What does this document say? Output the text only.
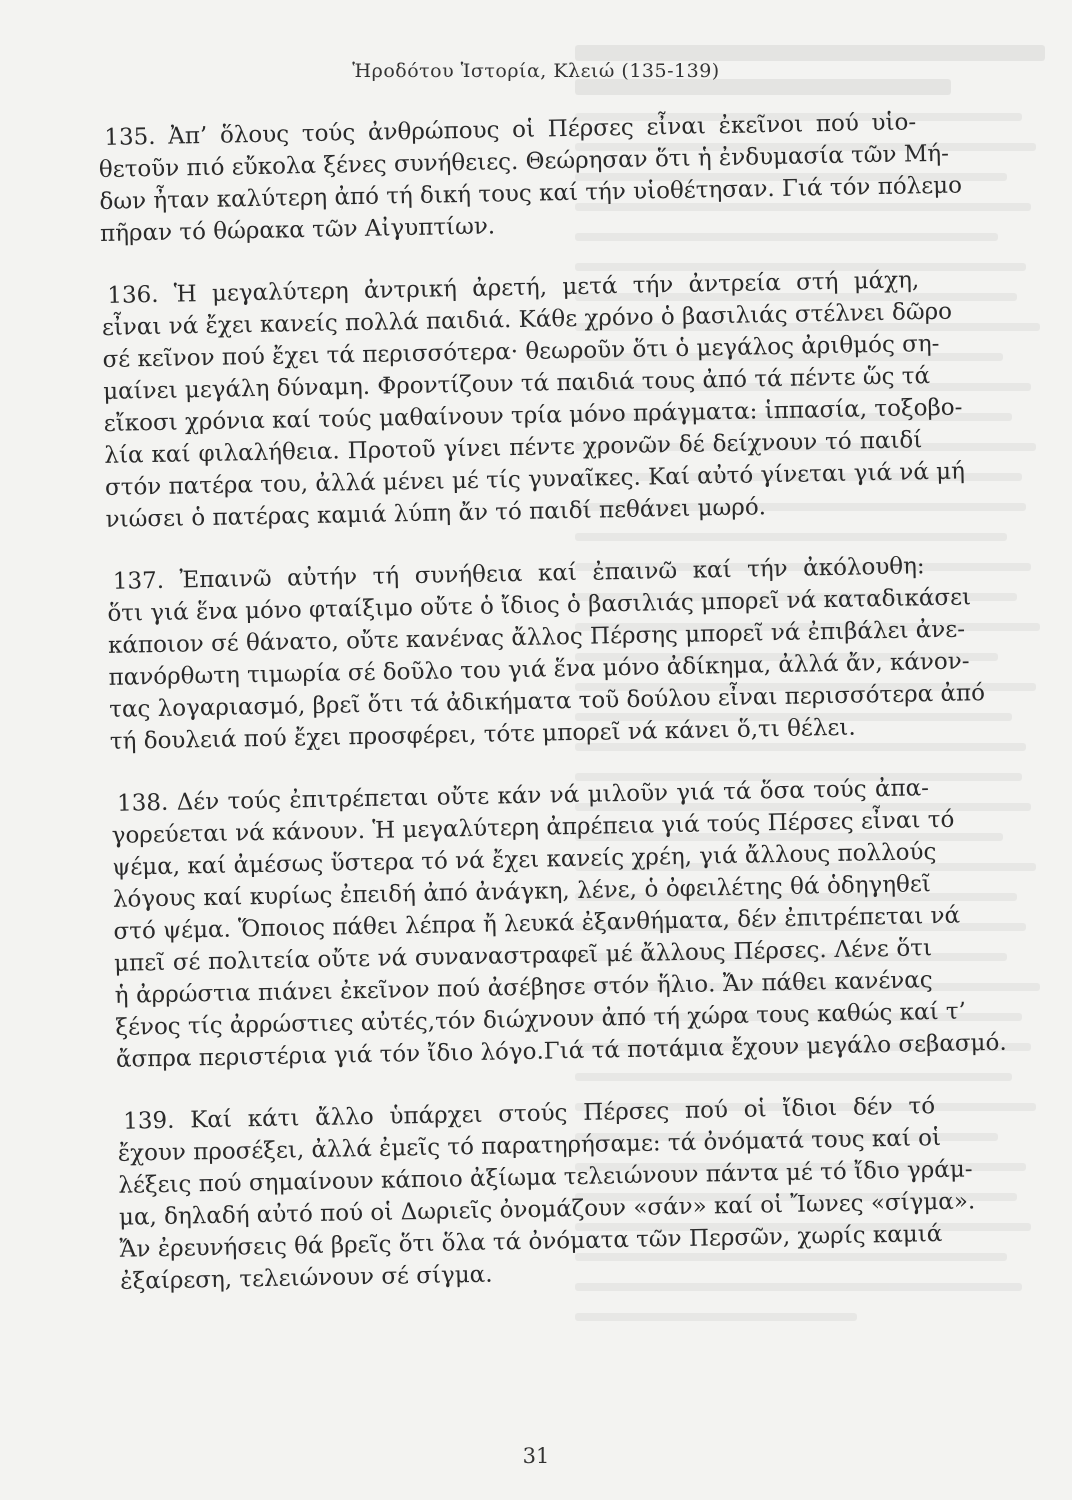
Ἡροδότου Ἱστορία, Κλειώ (135-139)
135. Ἀπ’ ὅλους τούς ἀνθρώπους οἱ Πέρσες εἶναι ἐκεῖνοι πού υἱο-
θετοῦν πιό εὔκολα ξένες συνήθειες. Θεώρησαν ὅτι ἡ ἐνδυμασία τῶν Μή-
δων ἦταν καλύτερη ἀπό τή δική τους καί τήν υἱοθέτησαν. Γιά τόν πόλεμο
πῆραν τό θώρακα τῶν Αἰγυπτίων.
136. Ἡ μεγαλύτερη ἀντρική ἀρετή, μετά τήν ἀντρεία στή μάχη,
εἶναι νά ἔχει κανείς πολλά παιδιά. Κάθε χρόνο ὁ βασιλιάς στέλνει δῶρο
σέ κεῖνον πού ἔχει τά περισσότερα· θεωροῦν ὅτι ὁ μεγάλος ἀριθμός ση-
μαίνει μεγάλη δύναμη. Φροντίζουν τά παιδιά τους ἀπό τά πέντε ὥς τά
εἴκοσι χρόνια καί τούς μαθαίνουν τρία μόνο πράγματα: ἱππασία, τοξοβο-
λία καί φιλαλήθεια. Προτοῦ γίνει πέντε χρονῶν δέ δείχνουν τό παιδί
στόν πατέρα του, ἀλλά μένει μέ τίς γυναῖκες. Καί αὐτό γίνεται γιά νά μή
νιώσει ὁ πατέρας καμιά λύπη ἄν τό παιδί πεθάνει μωρό.
137. Ἐπαινῶ αὐτήν τή συνήθεια καί ἐπαινῶ καί τήν ἀκόλουθη:
ὅτι γιά ἕνα μόνο φταίξιμο οὔτε ὁ ἴδιος ὁ βασιλιάς μπορεῖ νά καταδικάσει
κάποιον σέ θάνατο, οὔτε κανένας ἄλλος Πέρσης μπορεῖ νά ἐπιβάλει ἀνε-
πανόρθωτη τιμωρία σέ δοῦλο του γιά ἕνα μόνο ἀδίκημα, ἀλλά ἄν, κάνον-
τας λογαριασμό, βρεῖ ὅτι τά ἀδικήματα τοῦ δούλου εἶναι περισσότερα ἀπό
τή δουλειά πού ἔχει προσφέρει, τότε μπορεῖ νά κάνει ὅ,τι θέλει.
138. Δέν τούς ἐπιτρέπεται οὔτε κάν νά μιλοῦν γιά τά ὅσα τούς ἀπα-
γορεύεται νά κάνουν. Ἡ μεγαλύτερη ἀπρέπεια γιά τούς Πέρσες εἶναι τό
ψέμα, καί ἀμέσως ὕστερα τό νά ἔχει κανείς χρέη, γιά ἄλλους πολλούς
λόγους καί κυρίως ἐπειδή ἀπό ἀνάγκη, λένε, ὁ ὀφειλέτης θά ὁδηγηθεῖ
στό ψέμα. Ὅποιος πάθει λέπρα ἤ λευκά ἐξανθήματα, δέν ἐπιτρέπεται νά
μπεῖ σέ πολιτεία οὔτε νά συναναστραφεῖ μέ ἄλλους Πέρσες. Λένε ὅτι
ἡ ἀρρώστια πιάνει ἐκεῖνον πού ἀσέβησε στόν ἥλιο. Ἄν πάθει κανένας
ξένος τίς ἀρρώστιες αὐτές,τόν διώχνουν ἀπό τή χώρα τους καθώς καί τ’
ἄσπρα περιστέρια γιά τόν ἴδιο λόγο.Γιά τά ποτάμια ἔχουν μεγάλο σεβασμό.
139. Καί κάτι ἄλλο ὑπάρχει στούς Πέρσες πού οἱ ἴδιοι δέν τό
ἔχουν προσέξει, ἀλλά ἐμεῖς τό παρατηρήσαμε: τά ὀνόματά τους καί οἱ
λέξεις πού σημαίνουν κάποιο ἀξίωμα τελειώνουν πάντα μέ τό ἴδιο γράμ-
μα, δηλαδή αὐτό πού οἱ Δωριεῖς ὀνομάζουν «σάν» καί οἱ Ἴωνες «σίγμα».
Ἄν ἐρευνήσεις θά βρεῖς ὅτι ὅλα τά ὀνόματα τῶν Περσῶν, χωρίς καμιά
ἐξαίρεση, τελειώνουν σέ σίγμα.
31
